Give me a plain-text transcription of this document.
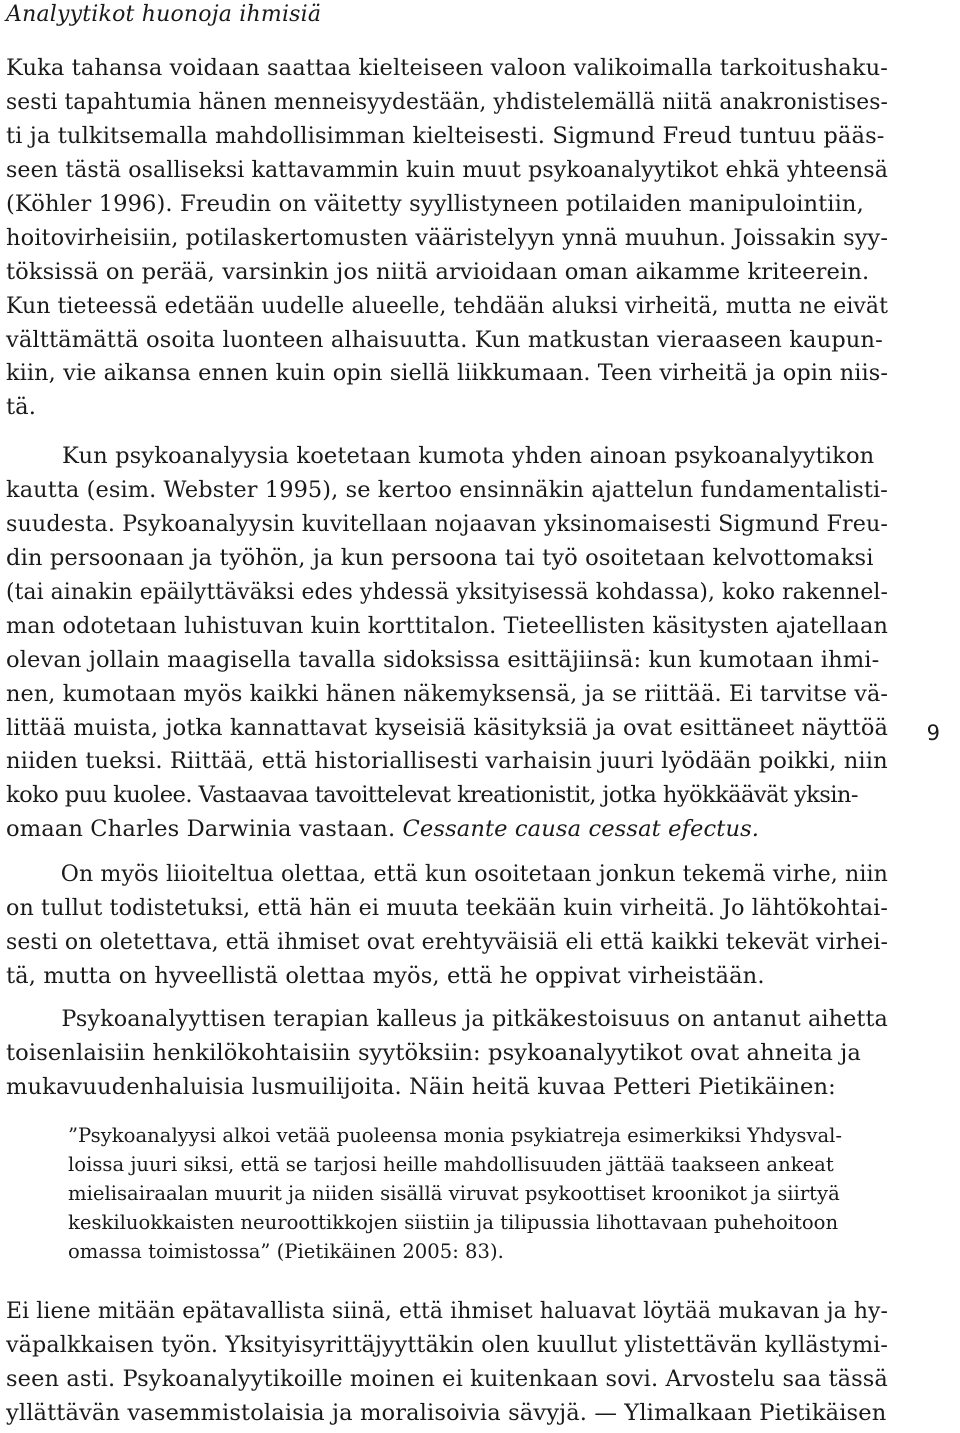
Analyytikot huonoja ihmisiä
Kuka tahansa voidaan saattaa kielteiseen valoon valikoimalla tarkoitushaku-
sesti tapahtumia hänen menneisyydestään, yhdistelemällä niitä anakronistises-
ti ja tulkitsemalla mahdollisimman kielteisesti. Sigmund Freud tuntuu pääs-
seen tästä osalliseksi kattavammin kuin muut psykoanalyytikot ehkä yhteensä
(Köhler 1996). Freudin on väitetty syyllistyneen potilaiden manipulointiin,
hoitovirheisiin, potilaskertomusten vääristelyyn ynnä muuhun. Joissakin syy-
töksissä on perää, varsinkin jos niitä arvioidaan oman aikamme kriteerein.
Kun tieteessä edetään uudelle alueelle, tehdään aluksi virheitä, mutta ne eivät
välttämättä osoita luonteen alhaisuutta. Kun matkustan vieraaseen kaupun-
kiin, vie aikansa ennen kuin opin siellä liikkumaan. Teen virheitä ja opin niis-
tä.
Kun psykoanalyysia koetetaan kumota yhden ainoan psykoanalyytikon
kautta (esim. Webster 1995), se kertoo ensinnäkin ajattelun fundamentalisti-
suudesta. Psykoanalyysin kuvitellaan nojaavan yksinomaisesti Sigmund Freu-
din persoonaan ja työhön, ja kun persoona tai työ osoitetaan kelvottomaksi
(tai ainakin epäilyttäväksi edes yhdessä yksityisessä kohdassa), koko rakennel-
man odotetaan luhistuvan kuin korttitalon. Tieteellisten käsitysten ajatellaan
olevan jollain maagisella tavalla sidoksissa esittäjiinsä: kun kumotaan ihmi-
nen, kumotaan myös kaikki hänen näkemyksensä, ja se riittää. Ei tarvitse vä-
littää muista, jotka kannattavat kyseisiä käsityksiä ja ovat esittäneet näyttöä
niiden tueksi. Riittää, että historiallisesti varhaisin juuri lyödään poikki, niin
koko puu kuolee. Vastaavaa tavoittelevat kreationistit, jotka hyökkäävät yksin-
omaan Charles Darwinia vastaan. Cessante causa cessat efectus.
On myös liioiteltua olettaa, että kun osoitetaan jonkun tekemä virhe, niin
on tullut todistetuksi, että hän ei muuta teekään kuin virheitä. Jo lähtökohtai-
sesti on oletettava, että ihmiset ovat erehtyväisiä eli että kaikki tekevät virhei-
tä, mutta on hyveellistä olettaa myös, että he oppivat virheistään.
Psykoanalyyttisen terapian kalleus ja pitkäkestoisuus on antanut aihetta
toisenlaisiin henkilökohtaisiin syytöksiin: psykoanalyytikot ovat ahneita ja
mukavuudenhaluisia lusmuilijoita. Näin heitä kuvaa Petteri Pietikäinen:
”Psykoanalyysi alkoi vetää puoleensa monia psykiatreja esimerkiksi Yhdysval-
loissa juuri siksi, että se tarjosi heille mahdollisuuden jättää taakseen ankeat
mielisairaalan muurit ja niiden sisällä viruvat psykoottiset kroonikot ja siirtyä
keskiluokkaisten neuroottikkojen siistiin ja tilipussia lihottavaan puhehoitoon
omassa toimistossa” (Pietikäinen 2005: 83).
Ei liene mitään epätavallista siinä, että ihmiset haluavat löytää mukavan ja hy-
väpalkkaisen työn. Yksityisyrittäjyyttäkin olen kuullut ylistettävän kyllästymi-
seen asti. Psykoanalyytikoille moinen ei kuitenkaan sovi. Arvostelu saa tässä
yllättävän vasemmistolaisia ja moralisoivia sävyjä. — Ylimalkaan Pietikäisen
9
